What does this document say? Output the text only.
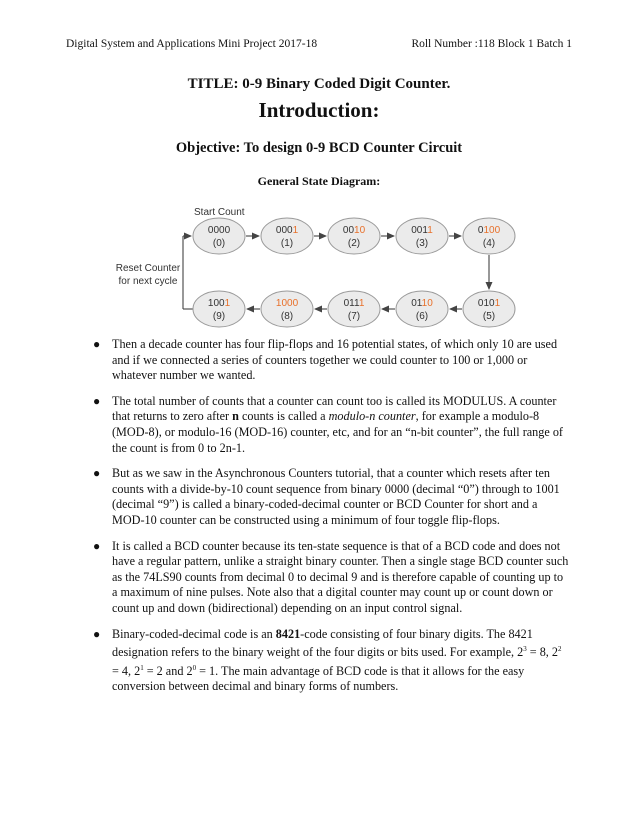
Digital System and Applications Mini Project 2017-18	Roll Number :118 Block 1 Batch 1
TITLE: 0-9 Binary Coded Digit Counter.
Introduction:
Objective: To design 0-9 BCD Counter Circuit
General State Diagram:
Start Count
Reset Counter
for next cycle
0000
(0)
0001
(1)
0010
(2)
0011
(3)
0100
(4)
1001
(9)
1000
(8)
0111
(7)
0110
(6)
0101
(5)
● Then a decade counter has four flip-flops and 16 potential states, of which only 10 are used and if we connected a series of counters together we could counter to 100 or 1,000 or whatever number we wanted.
● The total number of counts that a counter can count too is called its MODULUS. A counter that returns to zero after n counts is called a modulo-n counter, for example a modulo-8 (MOD-8), or modulo-16 (MOD-16) counter, etc, and for an “n-bit counter”, the full range of the count is from 0 to 2n-1.
● But as we saw in the Asynchronous Counters tutorial, that a counter which resets after ten counts with a divide-by-10 count sequence from binary 0000 (decimal “0”) through to 1001 (decimal “9”) is called a binary-coded-decimal counter or BCD Counter for short and a MOD-10 counter can be constructed using a minimum of four toggle flip-flops.
● It is called a BCD counter because its ten-state sequence is that of a BCD code and does not have a regular pattern, unlike a straight binary counter. Then a single stage BCD counter such as the 74LS90 counts from decimal 0 to decimal 9 and is therefore capable of counting up to a maximum of nine pulses. Note also that a digital counter may count up or count down or count up and down (bidirectional) depending on an input control signal.
● Binary-coded-decimal code is an 8421-code consisting of four binary digits. The 8421 designation refers to the binary weight of the four digits or bits used. For example, $2^3 = 8$, $2^2 = 4$, $2^1 = 2$ and $2^0 = 1$. The main advantage of BCD code is that it allows for the easy conversion between decimal and binary forms of numbers.
